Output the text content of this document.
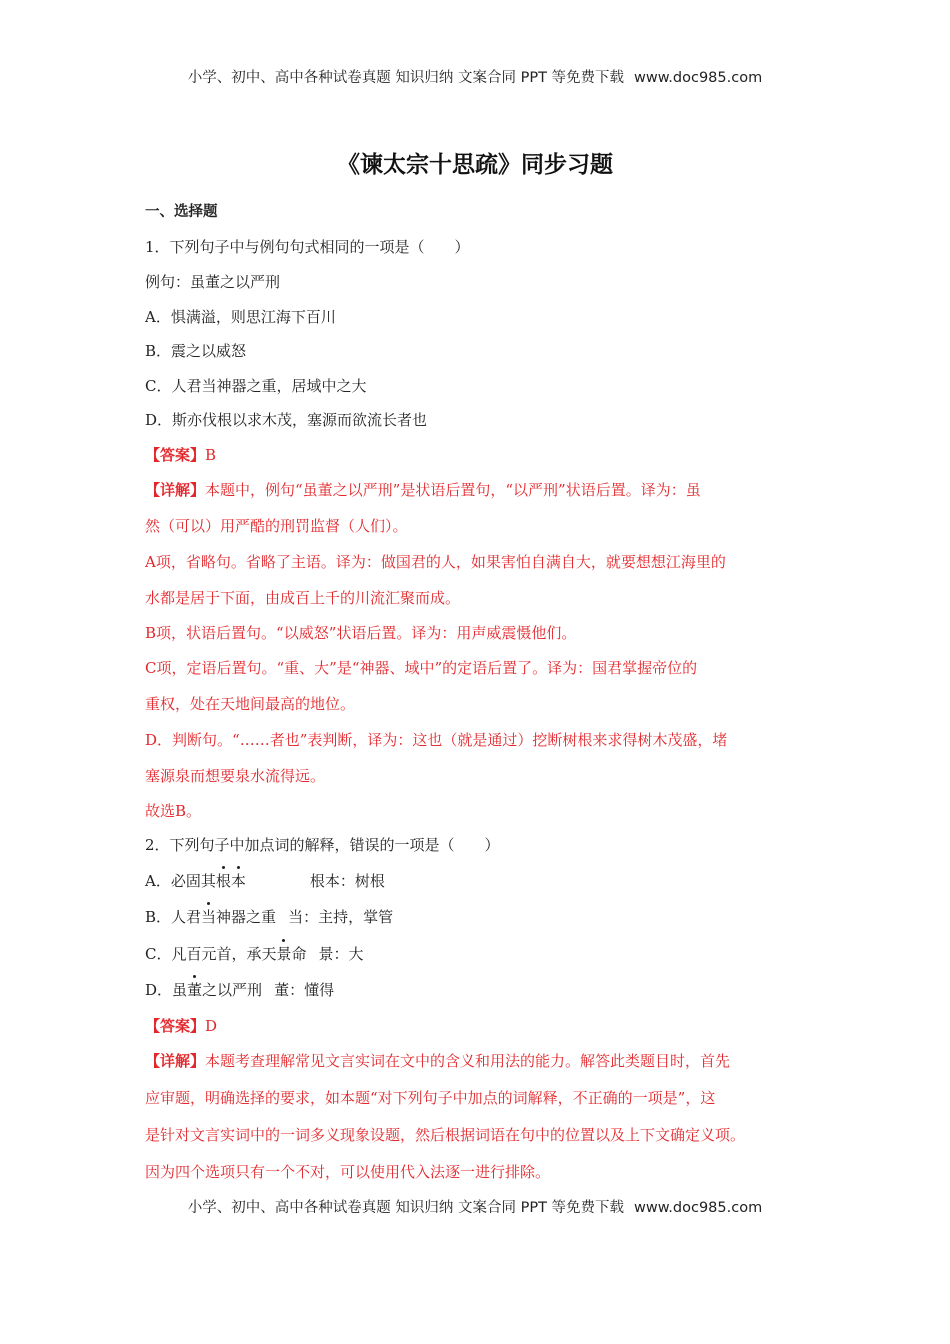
小学、初中、高中各种试卷真题 知识归纳 文案合同 PPT 等免费下载 www.doc985.com
《谏太宗十思疏》同步习题
一、选择题
1．下列句子中与例句句式相同的一项是（　　）
例句：虽董之以严刑
A．惧满溢，则思江海下百川
B．震之以威怒
C．人君当神器之重，居域中之大
D．斯亦伐根以求木茂，塞源而欲流长者也
【答案】B
【详解】本题中，例句“虽董之以严刑”是状语后置句，“以严刑”状语后置。译为：虽
然（可以）用严酷的刑罚监督（人们）。
A项，省略句。省略了主语。译为：做国君的人，如果害怕自满自大，就要想想江海里的
水都是居于下面，由成百上千的川流汇聚而成。
B项，状语后置句。“以威怒”状语后置。译为：用声威震慑他们。
C项，定语后置句。“重、大”是“神器、域中”的定语后置了。译为：国君掌握帝位的
重权，处在天地间最高的地位。
D．判断句。“……者也”表判断，译为：这也（就是通过）挖断树根来求得树木茂盛，堵
塞源泉而想要泉水流得远。
故选B。
2．下列句子中加点词的解释，错误的一项是（　　）
A．必固其根本	根本：树根
B．人君当神器之重 当：主持，掌管
C．凡百元首，承天景命 景：大
D．虽董之以严刑 董：懂得
【答案】D
【详解】本题考查理解常见文言实词在文中的含义和用法的能力。解答此类题目时，首先
应审题，明确选择的要求，如本题“对下列句子中加点的词解释，不正确的一项是”，这
是针对文言实词中的一词多义现象设题，然后根据词语在句中的位置以及上下文确定义项。
因为四个选项只有一个不对，可以使用代入法逐一进行排除。
小学、初中、高中各种试卷真题 知识归纳 文案合同 PPT 等免费下载 www.doc985.com
